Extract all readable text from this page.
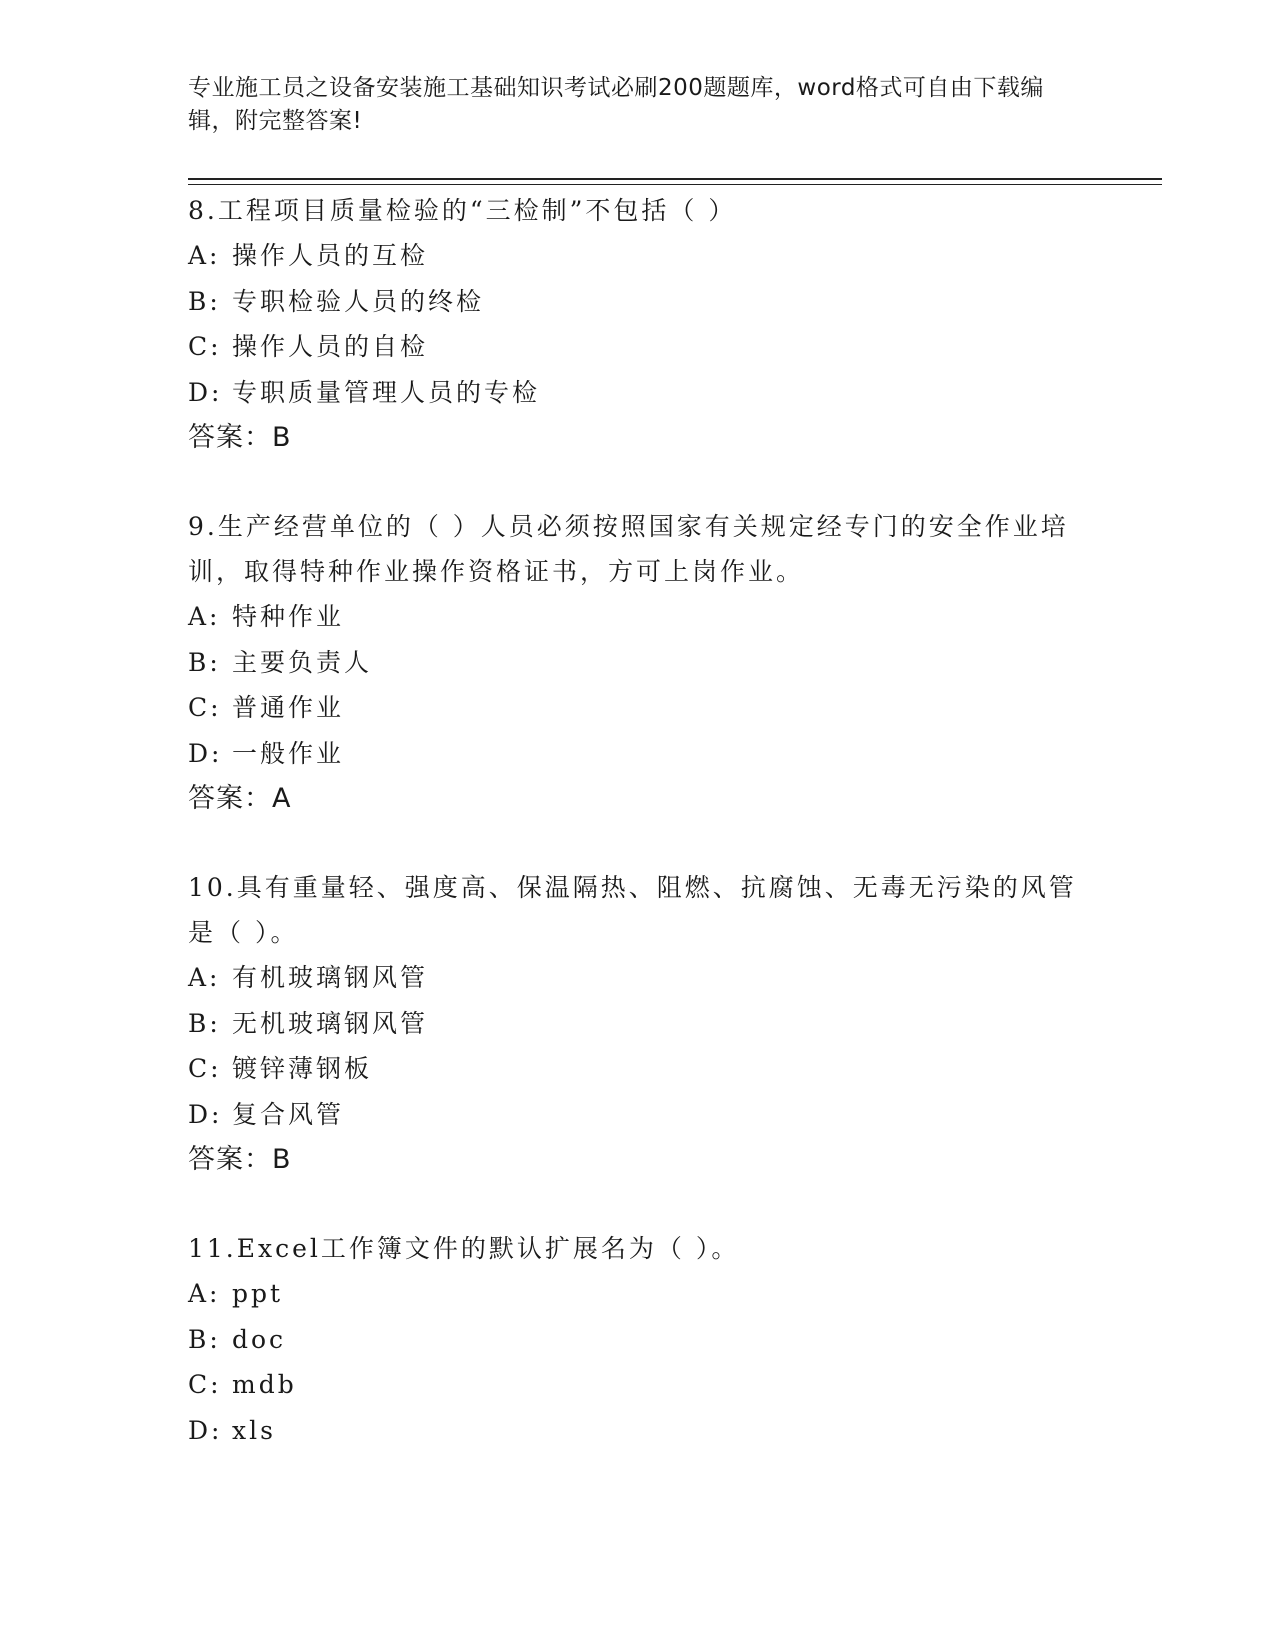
专业施工员之设备安装施工基础知识考试必刷200题题库，word格式可自由下载编辑，附完整答案!
8.工程项目质量检验的“三检制”不包括（ ）
A: 操作人员的互检
B: 专职检验人员的终检
C: 操作人员的自检
D: 专职质量管理人员的专检
答案：B
9.生产经营单位的（ ）人员必须按照国家有关规定经专门的安全作业培训，取得特种作业操作资格证书，方可上岗作业。
A: 特种作业
B: 主要负责人
C: 普通作业
D: 一般作业
答案：A
10.具有重量轻、强度高、保温隔热、阻燃、抗腐蚀、无毒无污染的风管是（ ）。
A: 有机玻璃钢风管
B: 无机玻璃钢风管
C: 镀锌薄钢板
D: 复合风管
答案：B
11.Excel工作簿文件的默认扩展名为（ ）。
A: ppt
B: doc
C: mdb
D: xls
